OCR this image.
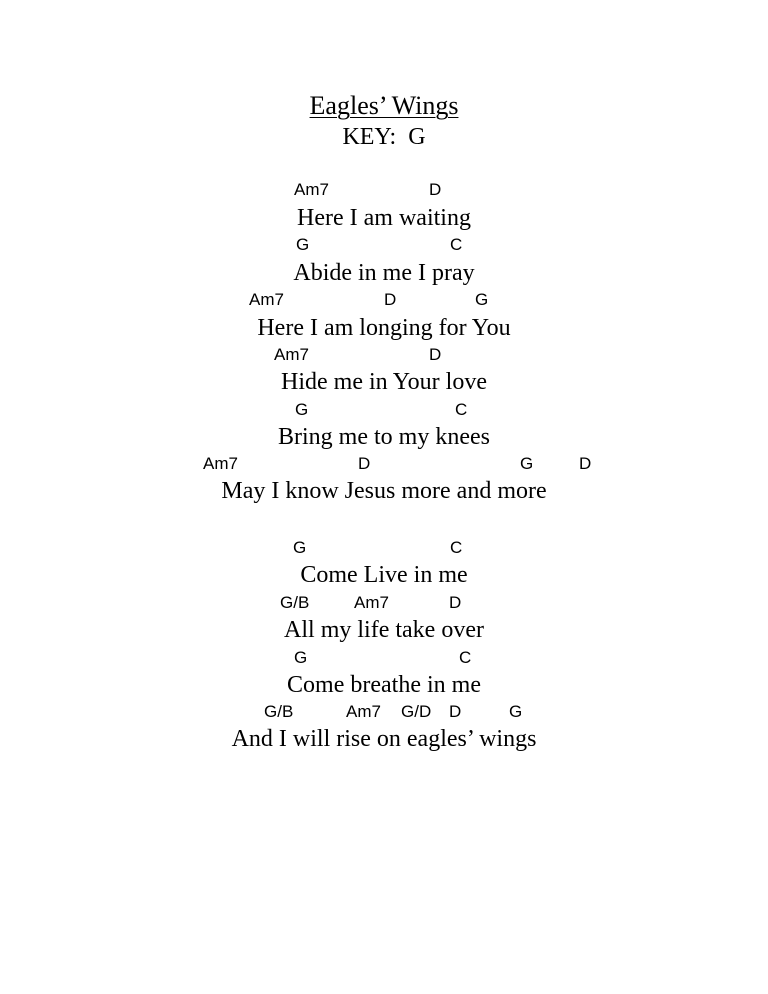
Eagles’ Wings
KEY:  G
Am7	D
Here I am waiting
G	C
Abide in me I pray
Am7	D	G
Here I am longing for You
Am7	D
Hide me in Your love
G	C
Bring me to my knees
Am7	D	G	D
May I know Jesus more and more
G	C
Come Live in me
G/B	Am7	D
All my life take over
G	C
Come breathe in me
G/B	Am7 G/D D	G
And I will rise on eagles’ wings
